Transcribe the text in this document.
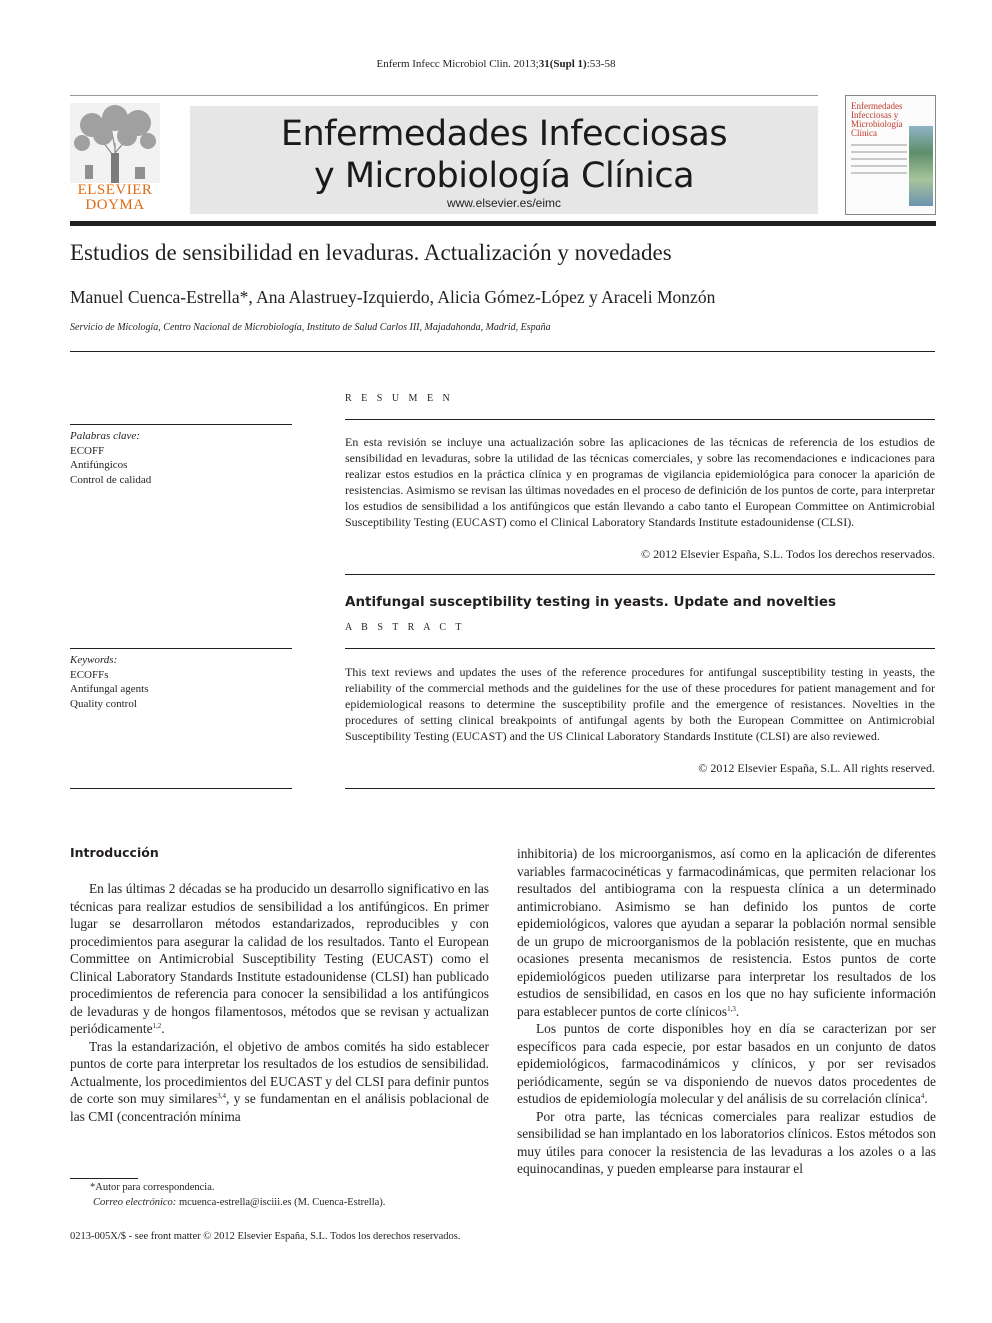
Enferm Infecc Microbiol Clin. 2013;31(Supl 1):53-58
ELSEVIER
DOYMA
Enfermedades Infecciosas
y Microbiología Clínica
www.elsevier.es/eimc
Enfermedades Infecciosas y Microbiología Clínica
Estudios de sensibilidad en levaduras. Actualización y novedades
Manuel Cuenca-Estrella*, Ana Alastruey-Izquierdo, Alicia Gómez-López y Araceli Monzón
Servicio de Micología, Centro Nacional de Microbiología, Instituto de Salud Carlos III, Majadahonda, Madrid, España
R E S U M E N
Palabras clave:
ECOFF
Antifúngicos
Control de calidad
En esta revisión se incluye una actualización sobre las aplicaciones de las técnicas de referencia de los estudios de sensibilidad en levaduras, sobre la utilidad de las técnicas comerciales, y sobre las recomendaciones e indicaciones para realizar estos estudios en la práctica clínica y en programas de vigilancia epidemiológica para conocer la aparición de resistencias. Asimismo se revisan las últimas novedades en el proceso de definición de los puntos de corte, para interpretar los estudios de sensibilidad a los antifúngicos que están llevando a cabo tanto el European Committee on Antimicrobial Susceptibility Testing (EUCAST) como el Clinical Laboratory Standards Institute estadounidense (CLSI).
© 2012 Elsevier España, S.L. Todos los derechos reservados.
Antifungal susceptibility testing in yeasts. Update and novelties
A B S T R A C T
Keywords:
ECOFFs
Antifungal agents
Quality control
This text reviews and updates the uses of the reference procedures for antifungal susceptibility testing in yeasts, the reliability of the commercial methods and the guidelines for the use of these procedures for patient management and for epidemiological reasons to determine the susceptibility profile and the emergence of resistances. Novelties in the procedures of setting clinical breakpoints of antifungal agents by both the European Committee on Antimicrobial Susceptibility Testing (EUCAST) and the US Clinical Laboratory Standards Institute (CLSI) are also reviewed.
© 2012 Elsevier España, S.L. All rights reserved.
Introducción

En las últimas 2 décadas se ha producido un desarrollo significativo en las técnicas para realizar estudios de sensibilidad a los antifúngicos. En primer lugar se desarrollaron métodos estandarizados, reproducibles y con procedimientos para asegurar la calidad de los resultados. Tanto el European Committee on Antimicrobial Susceptibility Testing (EUCAST) como el Clinical Laboratory Standards Institute estadounidense (CLSI) han publicado procedimientos de referencia para conocer la sensibilidad a los antifúngicos de levaduras y de hongos filamentosos, métodos que se revisan y actualizan periódicamente$^{1,2}$.

Tras la estandarización, el objetivo de ambos comités ha sido establecer puntos de corte para interpretar los resultados de los estudios de sensibilidad. Actualmente, los procedimientos del EUCAST y del CLSI para definir puntos de corte son muy similares$^{3,4}$, y se fundamentan en el análisis poblacional de las CMI (concentración mínima

inhibitoria) de los microorganismos, así como en la aplicación de diferentes variables farmacocinéticas y farmacodinámicas, que permiten relacionar los resultados del antibiograma con la respuesta clínica a un determinado antimicrobiano. Asimismo se han definido los puntos de corte epidemiológicos, valores que ayudan a separar la población normal sensible de un grupo de microorganismos de la población resistente, que en muchas ocasiones presenta mecanismos de resistencia. Estos puntos de corte epidemiológicos pueden utilizarse para interpretar los resultados de los estudios de sensibilidad, en casos en los que no hay suficiente información para establecer puntos de corte clínicos$^{1,3}$.

Los puntos de corte disponibles hoy en día se caracterizan por ser específicos para cada especie, por estar basados en un conjunto de datos epidemiológicos, farmacodinámicos y clínicos, y por ser revisados periódicamente, según se va disponiendo de nuevos datos procedentes de estudios de epidemiología molecular y del análisis de su correlación clínica$^4$.

Por otra parte, las técnicas comerciales para realizar estudios de sensibilidad se han implantado en los laboratorios clínicos. Estos métodos son muy útiles para conocer la resistencia de las levaduras a los azoles o a las equinocandinas, y pueden emplearse para instaurar el

*Autor para correspondencia.
Correo electrónico: mcuenca-estrella@isciii.es (M. Cuenca-Estrella).
0213-005X/$ - see front matter © 2012 Elsevier España, S.L. Todos los derechos reservados.
